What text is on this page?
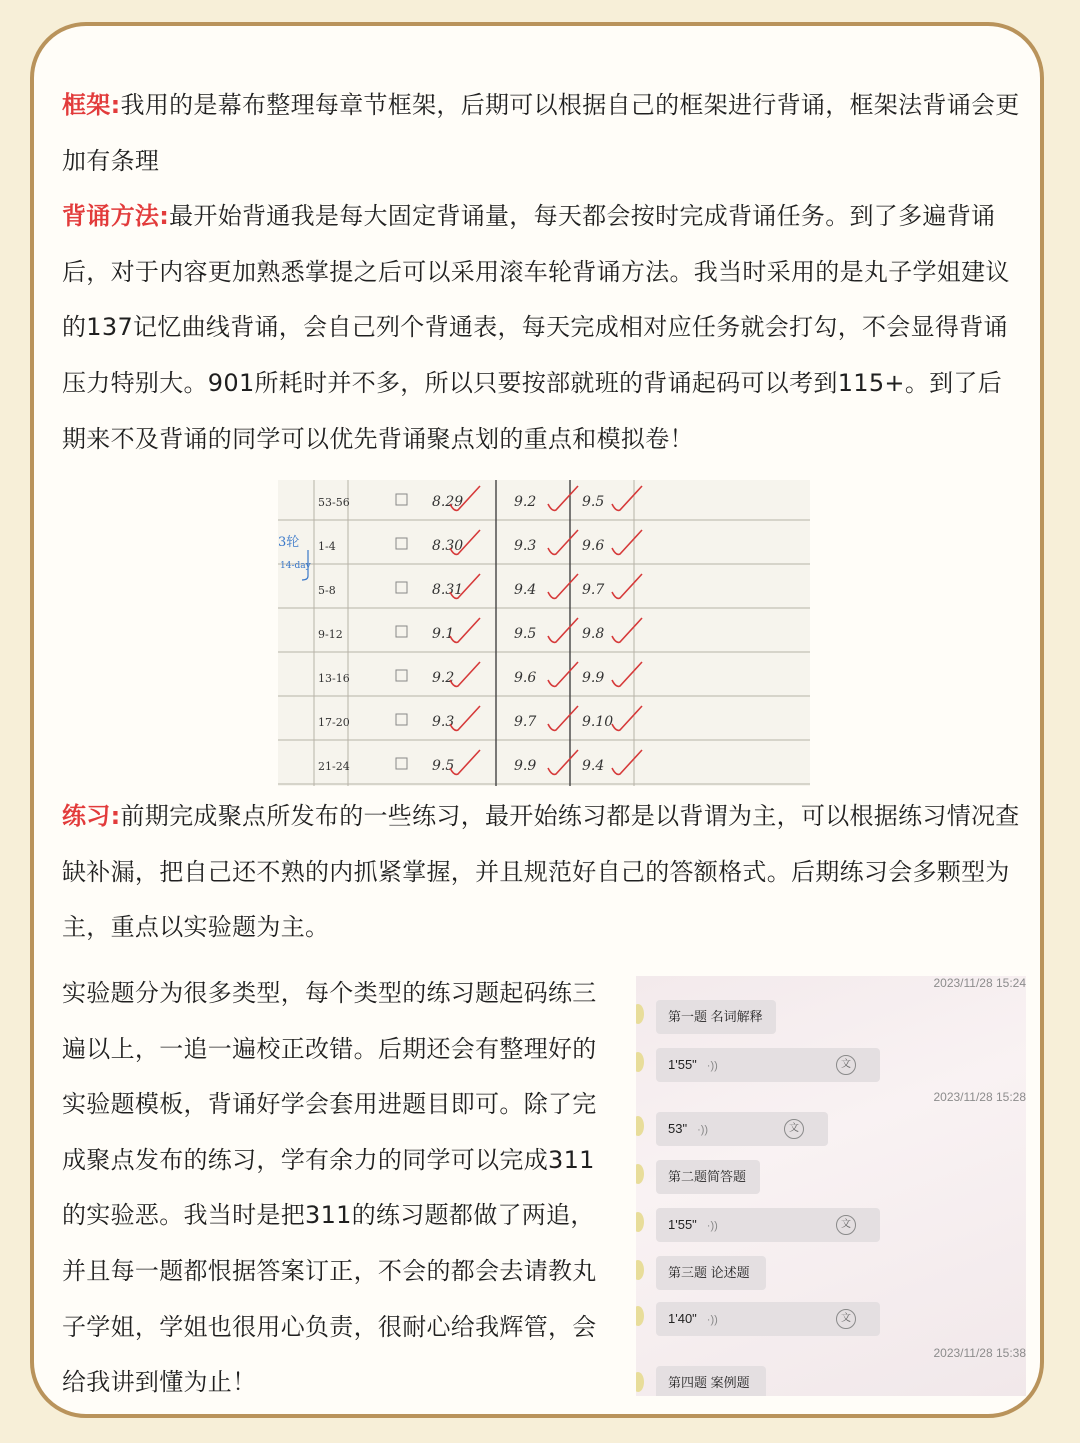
框架:我用的是幕布整理每章节框架，后期可以根据自己的框架进行背诵，框架法背诵会更加有条理
背诵方法:最开始背通我是每大固定背诵量，每天都会按时完成背诵任务。到了多遍背诵后，对于内容更加熟悉掌提之后可以采用滚车轮背诵方法。我当时采用的是丸子学姐建议的137记忆曲线背诵，会自己列个背通表，每天完成相对应任务就会打勾，不会显得背诵压力特别大。901所耗时并不多，所以只要按部就班的背诵起码可以考到115+。到了后期来不及背诵的同学可以优先背诵聚点划的重点和模拟卷！
3轮
14-day
53-56	8.29	9.2	9.5
1-4	8.30	9.3	9.6
5-8	8.31	9.4	9.7
9-12	9.1	9.5	9.8
13-16	9.2	9.6	9.9
17-20	9.3	9.7	9.10
21-24	9.5	9.9	9.4
练习:前期完成聚点所发布的一些练习，最开始练习都是以背谓为主，可以根据练习情况查缺补漏，把自己还不熟的内抓紧掌握，并且规范好自己的答额格式。后期练习会多颗型为主，重点以实验题为主。
实验题分为很多类型，每个类型的练习题起码练三遍以上，一追一遍校正改错。后期还会有整理好的实验题模板，背诵好学会套用进题目即可。除了完成聚点发布的练习，学有余力的同学可以完成311的实验恶。我当时是把311的练习题都做了两追，并且每一题都恨据答案订正，不会的都会去请教丸子学姐，学姐也很用心负责，很耐心给我辉管，会给我讲到懂为止！
2023/11/28 15:24
第一题 名词解释
1'55" ·))	文
2023/11/28 15:28
53" ·))	文
第二题简答题
1'55" ·))	文
第三题 论述题
1'40" ·))	文
2023/11/28 15:38
第四题 案例题
